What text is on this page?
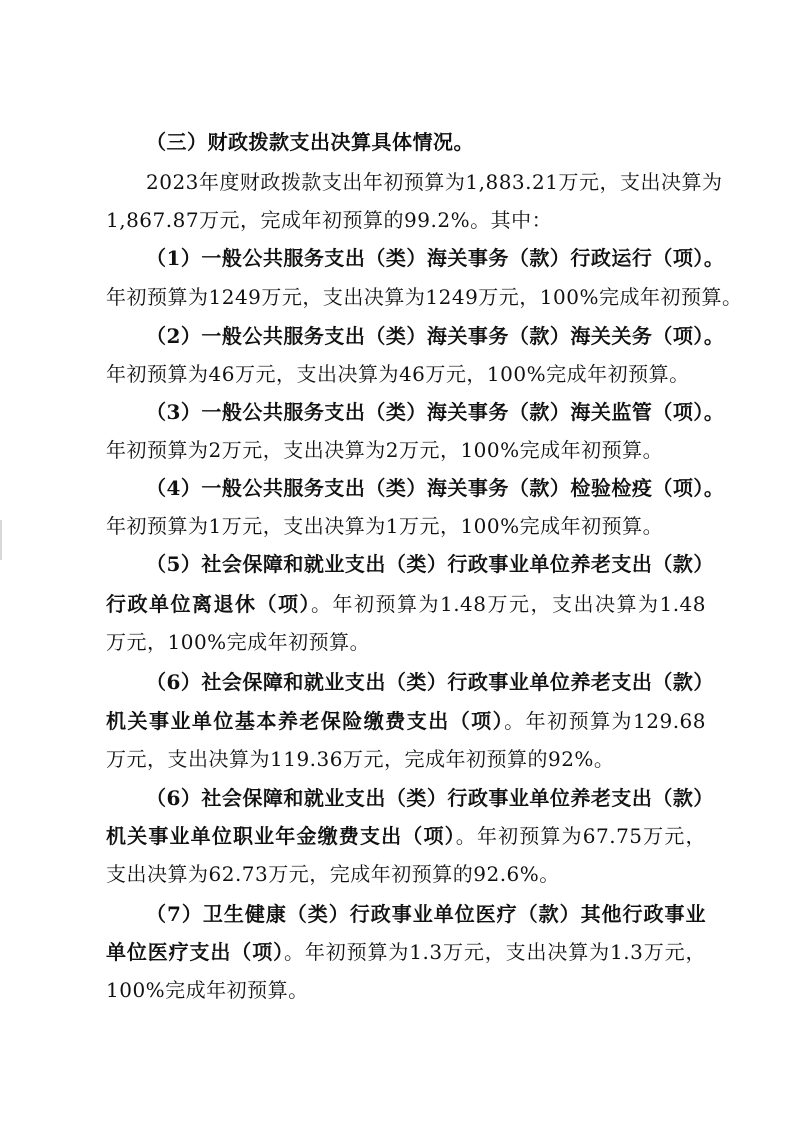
（三）财政拨款支出决算具体情况。
2023年度财政拨款支出年初预算为1,883.21万元，支出决算为
1,867.87万元，完成年初预算的99.2%。其中：
（1）一般公共服务支出（类）海关事务（款）行政运行（项）。
年初预算为1249万元，支出决算为1249万元，100%完成年初预算。
（2）一般公共服务支出（类）海关事务（款）海关关务（项）。
年初预算为46万元，支出决算为46万元，100%完成年初预算。
（3）一般公共服务支出（类）海关事务（款）海关监管（项）。
年初预算为2万元，支出决算为2万元，100%完成年初预算。
（4）一般公共服务支出（类）海关事务（款）检验检疫（项）。
年初预算为1万元，支出决算为1万元，100%完成年初预算。
（5）社会保障和就业支出（类）行政事业单位养老支出（款）
行政单位离退休（项）。年初预算为1.48万元，支出决算为1.48
万元，100%完成年初预算。
（6）社会保障和就业支出（类）行政事业单位养老支出（款）
机关事业单位基本养老保险缴费支出（项）。年初预算为129.68
万元，支出决算为119.36万元，完成年初预算的92%。
（6）社会保障和就业支出（类）行政事业单位养老支出（款）
机关事业单位职业年金缴费支出（项）。年初预算为67.75万元，
支出决算为62.73万元，完成年初预算的92.6%。
（7）卫生健康（类）行政事业单位医疗（款）其他行政事业
单位医疗支出（项）。年初预算为1.3万元，支出决算为1.3万元，
100%完成年初预算。
